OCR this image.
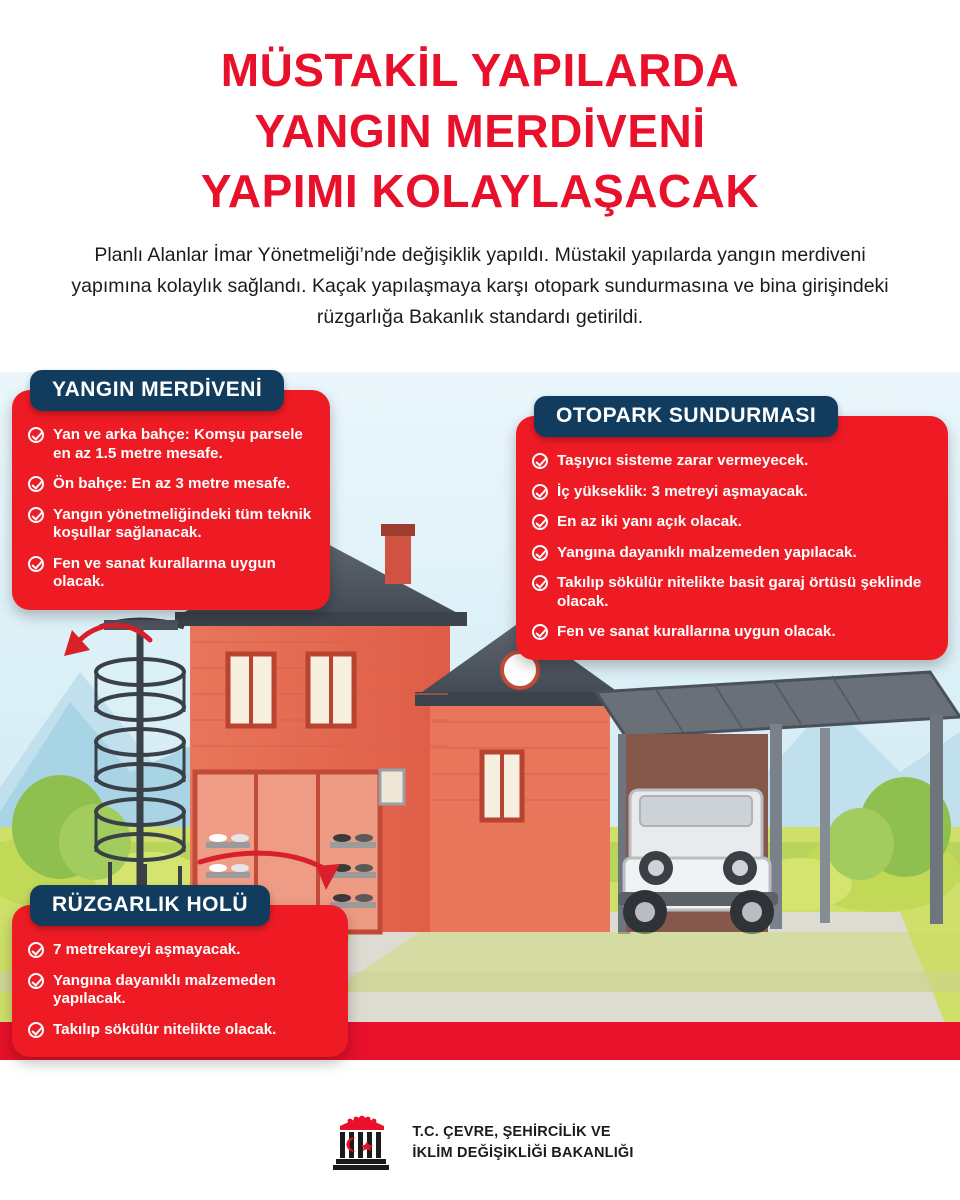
MÜSTAKİL YAPILARDA
YANGIN MERDİVENİ
YAPIMI KOLAYLAŞACAK
Planlı Alanlar İmar Yönetmeliği’nde değişiklik yapıldı. Müstakil yapılarda yangın merdiveni yapımına kolaylık sağlandı. Kaçak yapılaşmaya karşı otopark sundurmasına ve bina girişindeki rüzgarlığa Bakanlık standardı getirildi.
YANGIN MERDİVENİ
Yan ve arka bahçe: Komşu parsele en az 1.5 metre mesafe.
Ön bahçe: En az 3 metre mesafe.
Yangın yönetmeliğindeki tüm teknik koşullar sağlanacak.
Fen ve sanat kurallarına uygun olacak.
OTOPARK SUNDURMASI
Taşıyıcı sisteme zarar vermeyecek.
İç yükseklik: 3 metreyi aşmayacak.
En az iki yanı açık olacak.
Yangına dayanıklı malzemeden yapılacak.
Takılıp sökülür nitelikte basit garaj örtüsü şeklinde olacak.
Fen ve sanat kurallarına uygun olacak.
RÜZGARLIK HOLÜ
7 metrekareyi aşmayacak.
Yangına dayanıklı malzemeden yapılacak.
Takılıp sökülür nitelikte olacak.
T.C. ÇEVRE, ŞEHİRCİLİK VE
İKLİM DEĞİŞİKLİĞİ BAKANLIĞI
